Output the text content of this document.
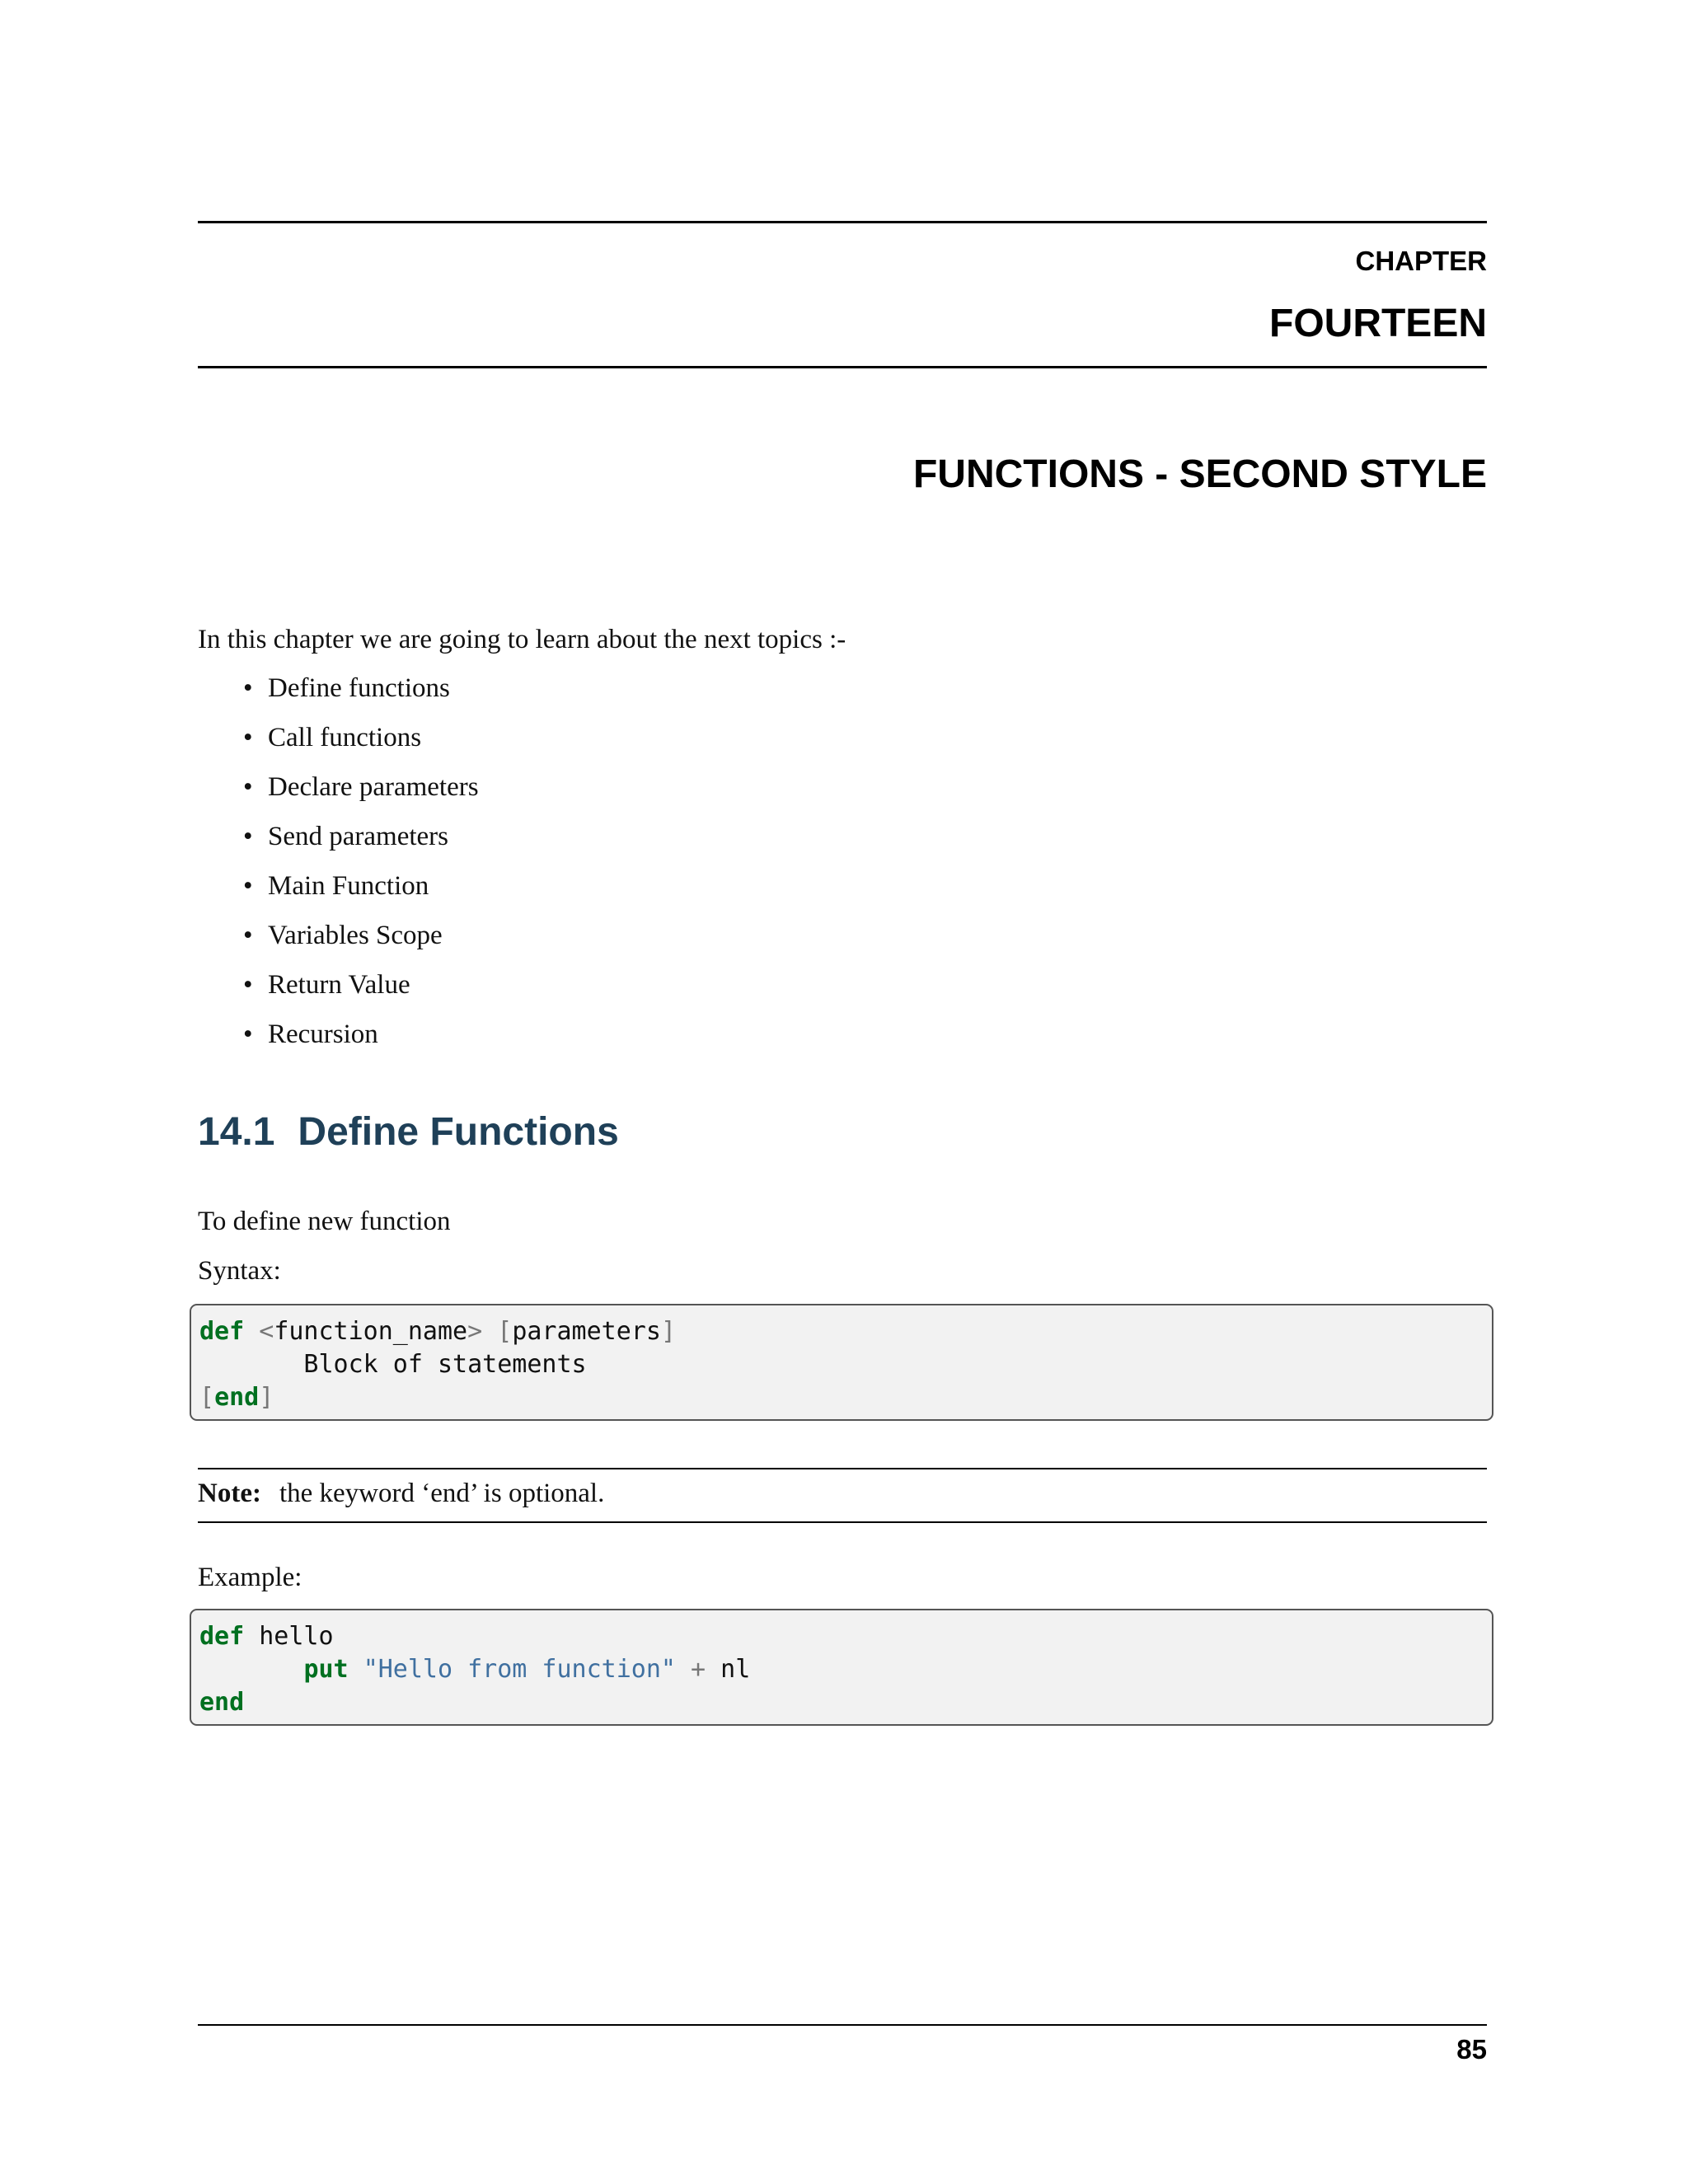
CHAPTER
FOURTEEN
FUNCTIONS - SECOND STYLE
In this chapter we are going to learn about the next topics :-
• Define functions
• Call functions
• Declare parameters
• Send parameters
• Main Function
• Variables Scope
• Return Value
• Recursion
14.1 Define Functions
To define new function
Syntax:
def <function_name> [parameters]
Block of statements
[end]
Note: the keyword ‘end’ is optional.
Example:
def hello
put "Hello from function" + nl
end
85
